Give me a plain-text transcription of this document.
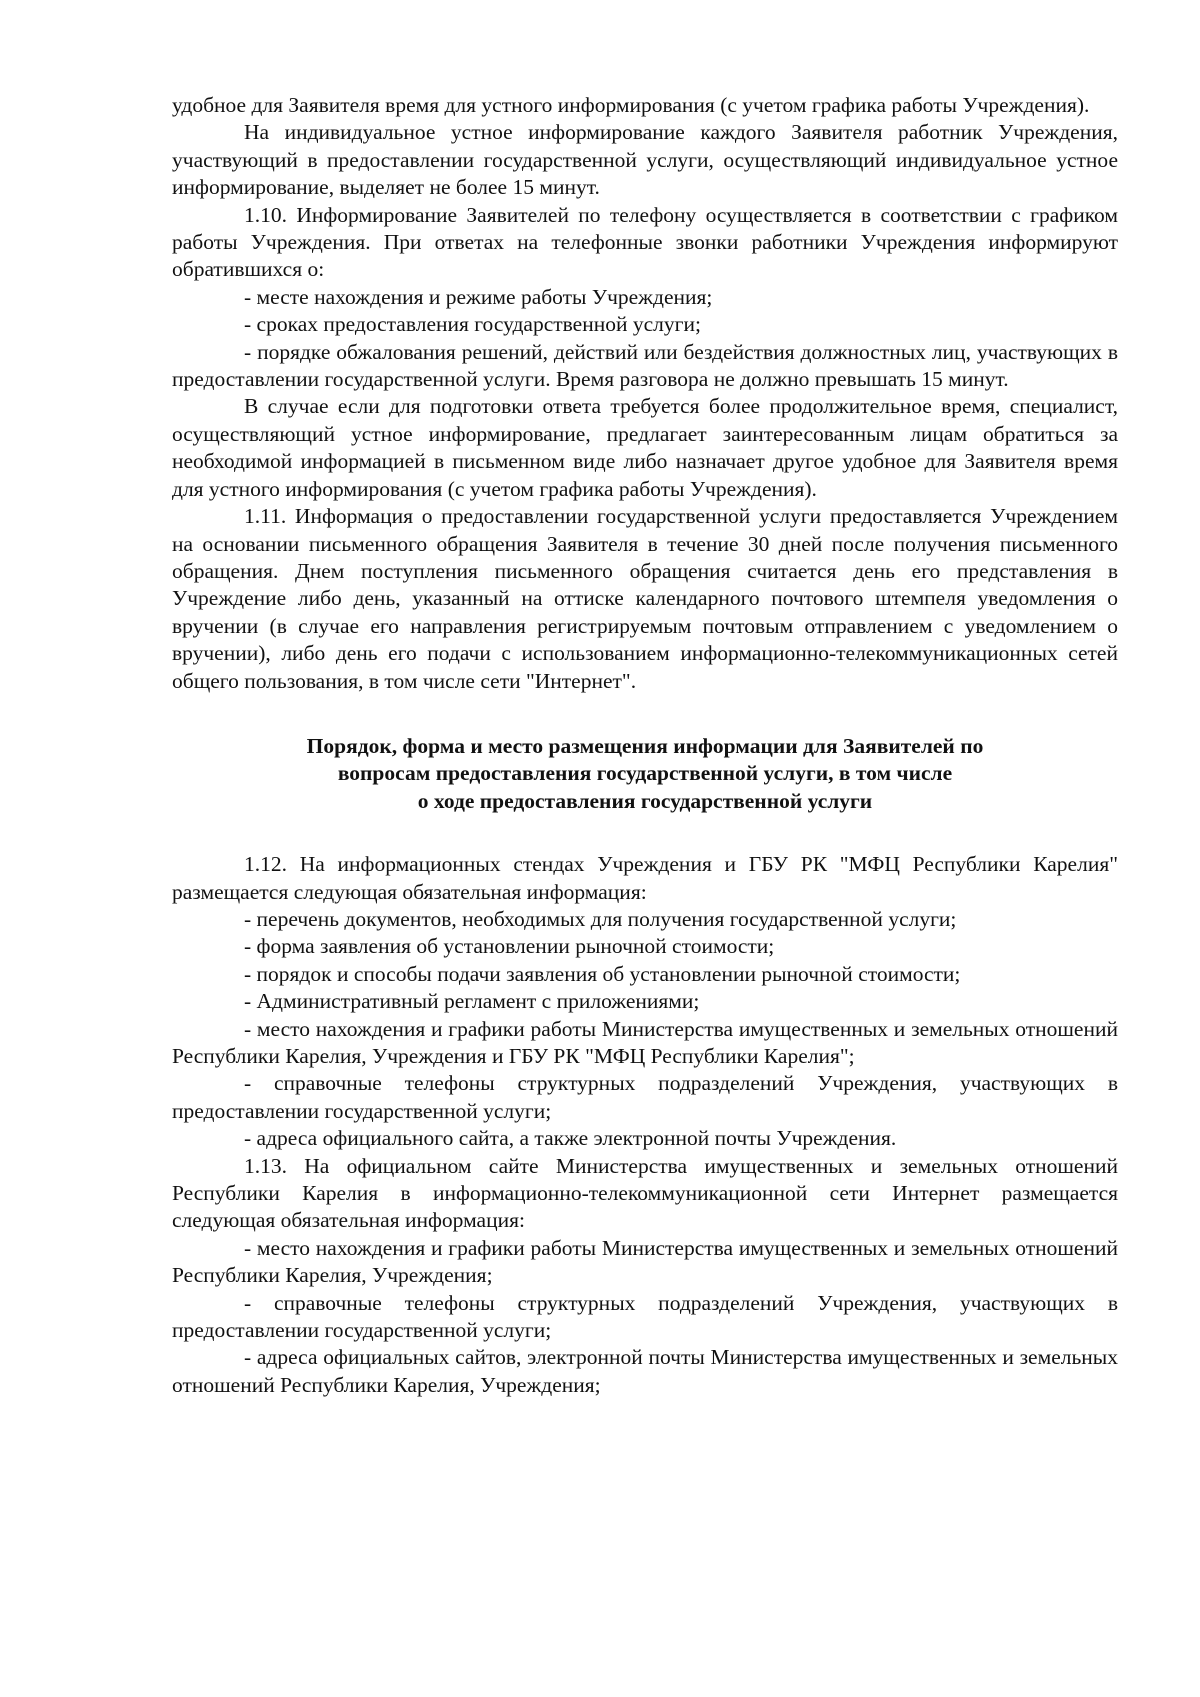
удобное для Заявителя время для устного информирования (с учетом графика работы Учреждения).

На индивидуальное устное информирование каждого Заявителя работник Учреждения, участвующий в предоставлении государственной услуги, осуществляющий индивидуальное устное информирование, выделяет не более 15 минут.

1.10. Информирование Заявителей по телефону осуществляется в соответствии с графиком работы Учреждения. При ответах на телефонные звонки работники Учреждения информируют обратившихся о:

- месте нахождения и режиме работы Учреждения;

- сроках предоставления государственной услуги;

- порядке обжалования решений, действий или бездействия должностных лиц, участвующих в предоставлении государственной услуги. Время разговора не должно превышать 15 минут.

В случае если для подготовки ответа требуется более продолжительное время, специалист, осуществляющий устное информирование, предлагает заинтересованным лицам обратиться за необходимой информацией в письменном виде либо назначает другое удобное для Заявителя время для устного информирования (с учетом графика работы Учреждения).

1.11. Информация о предоставлении государственной услуги предоставляется Учреждением на основании письменного обращения Заявителя в течение 30 дней после получения письменного обращения. Днем поступления письменного обращения считается день его представления в Учреждение либо день, указанный на оттиске календарного почтового штемпеля уведомления о вручении (в случае его направления регистрируемым почтовым отправлением с уведомлением о вручении), либо день его подачи с использованием информационно-телекоммуникационных сетей общего пользования, в том числе сети "Интернет".

Порядок, форма и место размещения информации для Заявителей по
вопросам предоставления государственной услуги, в том числе
о ходе предоставления государственной услуги

1.12. На информационных стендах Учреждения и ГБУ РК "МФЦ Республики Карелия" размещается следующая обязательная информация:

- перечень документов, необходимых для получения государственной услуги;

- форма заявления об установлении рыночной стоимости;

- порядок и способы подачи заявления об установлении рыночной стоимости;

- Административный регламент с приложениями;

- место нахождения и графики работы Министерства имущественных и земельных отношений Республики Карелия, Учреждения и ГБУ РК "МФЦ Республики Карелия";

- справочные телефоны структурных подразделений Учреждения, участвующих в предоставлении государственной услуги;

- адреса официального сайта, а также электронной почты Учреждения.

1.13. На официальном сайте Министерства имущественных и земельных отношений Республики Карелия в информационно-телекоммуникационной сети Интернет размещается следующая обязательная информация:

- место нахождения и графики работы Министерства имущественных и земельных отношений Республики Карелия, Учреждения;

- справочные телефоны структурных подразделений Учреждения, участвующих в предоставлении государственной услуги;

- адреса официальных сайтов, электронной почты Министерства имущественных и земельных отношений Республики Карелия, Учреждения;
